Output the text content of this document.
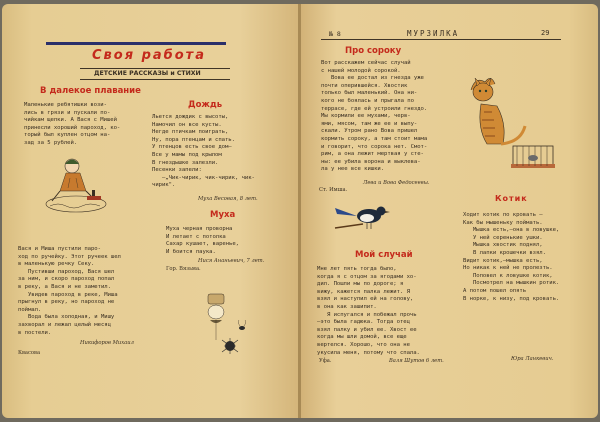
Своя работа
ДЕТСКИЕ РАССКАЗЫ и СТИХИ
В далекое плавание
Маленькие ребятишки вози-
лись в грязи и пускали по-
чийкам щепки. А Вася с Мишей
принесли хороший пароход, ко-
торый был куплен отцом на-
зад за 5 рублей.
Вася и Миша пустили паро-
ход по ручейку. Этот ручеек шел
в маленькую речку Секу.
Пустивши пароход, Вася шел
за ним, и скоро пароход попал
в реку, а Вася и не заметил.
Увидев пароход в реке, Миша
прыгнул в реку, но пароход не
поймал.
Вода была холодная, и Мишу
захворал и лежал целый месяц
в постели.
Никифоров Михаил
Квасова
Дождь
Льется дождик с высоты,
Намочил он все кусты.
Негде птичкам поиграть,
Ну, пора птенцам и спать.
У птенцов есть свое дом—
Все у мамы под крылом
В гнездышке залезли.
Песенки запели:
—„Чик-чирик, чик-чирик, чик-
чирик".
Муха Весовая, 8 лет.
Муха
Муха черная проворна
И летает с потолка
Сахар кушает, варенье,
И боится паука.
Нися Ананьевич, 7 лет.
Гор. Вязьма.
№ 8	МУРЗИЛКА	29
Про сороку
Вот расскажем сейчас случай
с нашей молодой сорокой.
Вова ее достал из гнезда уже
почти оперившейся. Хвостик
только был маленький. Она ни-
кого не боялась и прыгала по
террасе, где ей устроили гнездо.
Мы кормили ее мухами, черв-
ями, мясом, там же ее и выпу-
скали. Утром рано Вова пришел
кормить сороку, а там стоит мама
и говорит, что сорока нет. Смот-
рим, а она лежит мертвая у сте-
ны: ее убила ворона и выклева-
ла у нее все кишки.
Лева и Вова Федосеевы.
Ст. Имша.
Мой случай
Мне лет пять тогда было,
когда я с отцом за ягодами хо-
дил. Пошли мы по дороге; я
вижу, кажется палка лежит. Я
взял и наступил ей на голову,
в она как зашипит.
Я испугался и побежал прочь
—это была гадюка. Тогда отец
взял палку и убил ее. Хвост ее
когда мы шли домой, все еще
вертелся. Хорошо, что она не
укусила меня, потому что спала.
Валя Шутов 6 лет.
Уфа.
Котик
Ходит котик по кровать —
Как бы мышеньку поймать.
Мышка есть,—она в ловушке,
У ней серенькие ушки.
Мышка хвостик поднял,
В лапки крошечки взял.
Видит котик,—мышка есть,
Но никак к ней не пролезть.
Поповел к ловушке котик,
Посмотрел на мышкин ротик.
А потом пошел опять
В норке, к низу, под кровать.
Юра Ланкевич.
